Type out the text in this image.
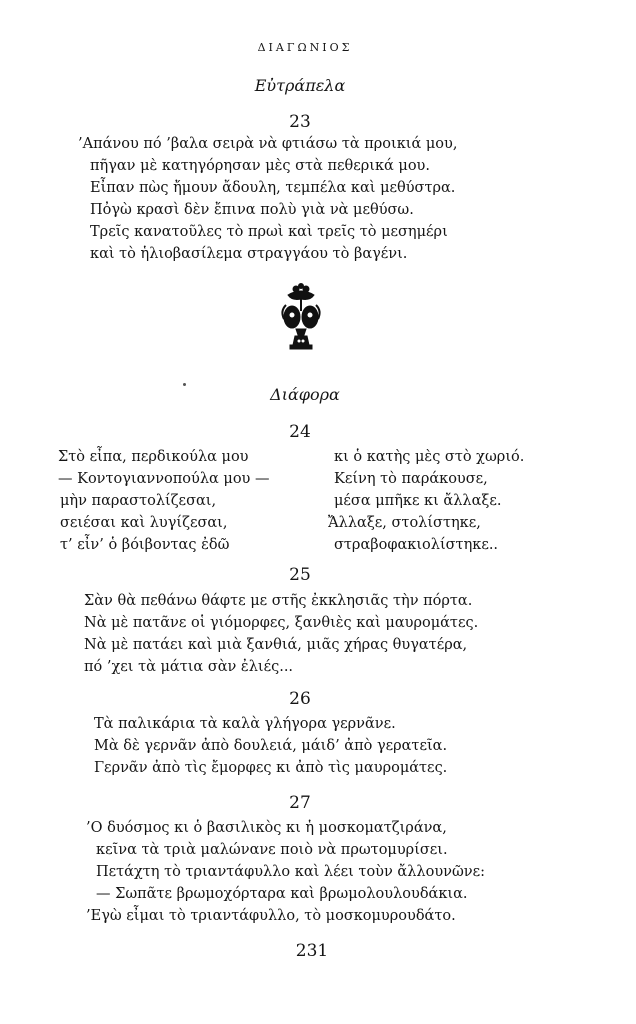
ΔΙΑΓΩΝΙΟΣ
Εὐτράπελα
23
’Απάνου πό ’βαλα σειρὰ νὰ φτιάσω τὰ προικιά μου,
πῆγαν μὲ κατηγόρησαν μὲς στὰ πεθερικά μου.
Εἶπαν πὼς ἤμουν ἄδουλη, τεμπέλα καὶ μεθύστρα.
Πὀγὼ κρασὶ δὲν ἔπινα πολὺ γιὰ νὰ μεθύσω.
Τρεῖς κανατοῦλες τὸ πρωὶ καὶ τρεῖς τὸ μεσημέρι
καὶ τὸ ἡλιοβασίλεμα στραγγάου τὸ βαγένι.
Διάφορα
24
Στὸ εἶπα, περδικούλα μου
— Κοντογιαννοπούλα μου —
μὴν παραστολίζεσαι,
σειέσαι καὶ λυγίζεσαι,
τ’ εἶν’ ὁ βόιβοντας ἐδῶ
κι ὁ κατὴς μὲς στὸ χωριό.
Κείνη τὸ παράκουσε,
μέσα μπῆκε κι ἄλλαξε.
Ἄλλαξε, στολίστηκε,
στραβοφακιολίστηκε..
25
Σὰν θὰ πεθάνω θάφτε με στῆς ἐκκλησιᾶς τὴν πόρτα.
Νὰ μὲ πατᾶνε οἱ γιόμορφες, ξανθιὲς καὶ μαυρομάτες.
Νὰ μὲ πατάει καὶ μιὰ ξανθιά, μιᾶς χήρας θυγατέρα,
πό ’χει τὰ μάτια σὰν ἐλιές...
26
Τὰ παλικάρια τὰ καλὰ γλήγορα γερνᾶνε.
Μὰ δὲ γερνᾶν ἀπὸ δουλειά, μάιδ’ ἀπὸ γερατεῖα.
Γερνᾶν ἀπὸ τὶς ἔμορφες κι ἀπὸ τὶς μαυρομάτες.
27
’Ο δυόσμος κι ὁ βασιλικὸς κι ἡ μοσκοματζιράνα,
κεῖνα τὰ τριὰ μαλώνανε ποιὸ νὰ πρωτομυρίσει.
Πετάχτη τὸ τριαντάφυλλο καὶ λέει τοὺν ἄλλουνῶνε:
— Σωπᾶτε βρωμοχόρταρα καὶ βρωμολουλουδάκια.
’Εγὼ εἶμαι τὸ τριαντάφυλλο, τὸ μοσκομυρουδάτο.
231
